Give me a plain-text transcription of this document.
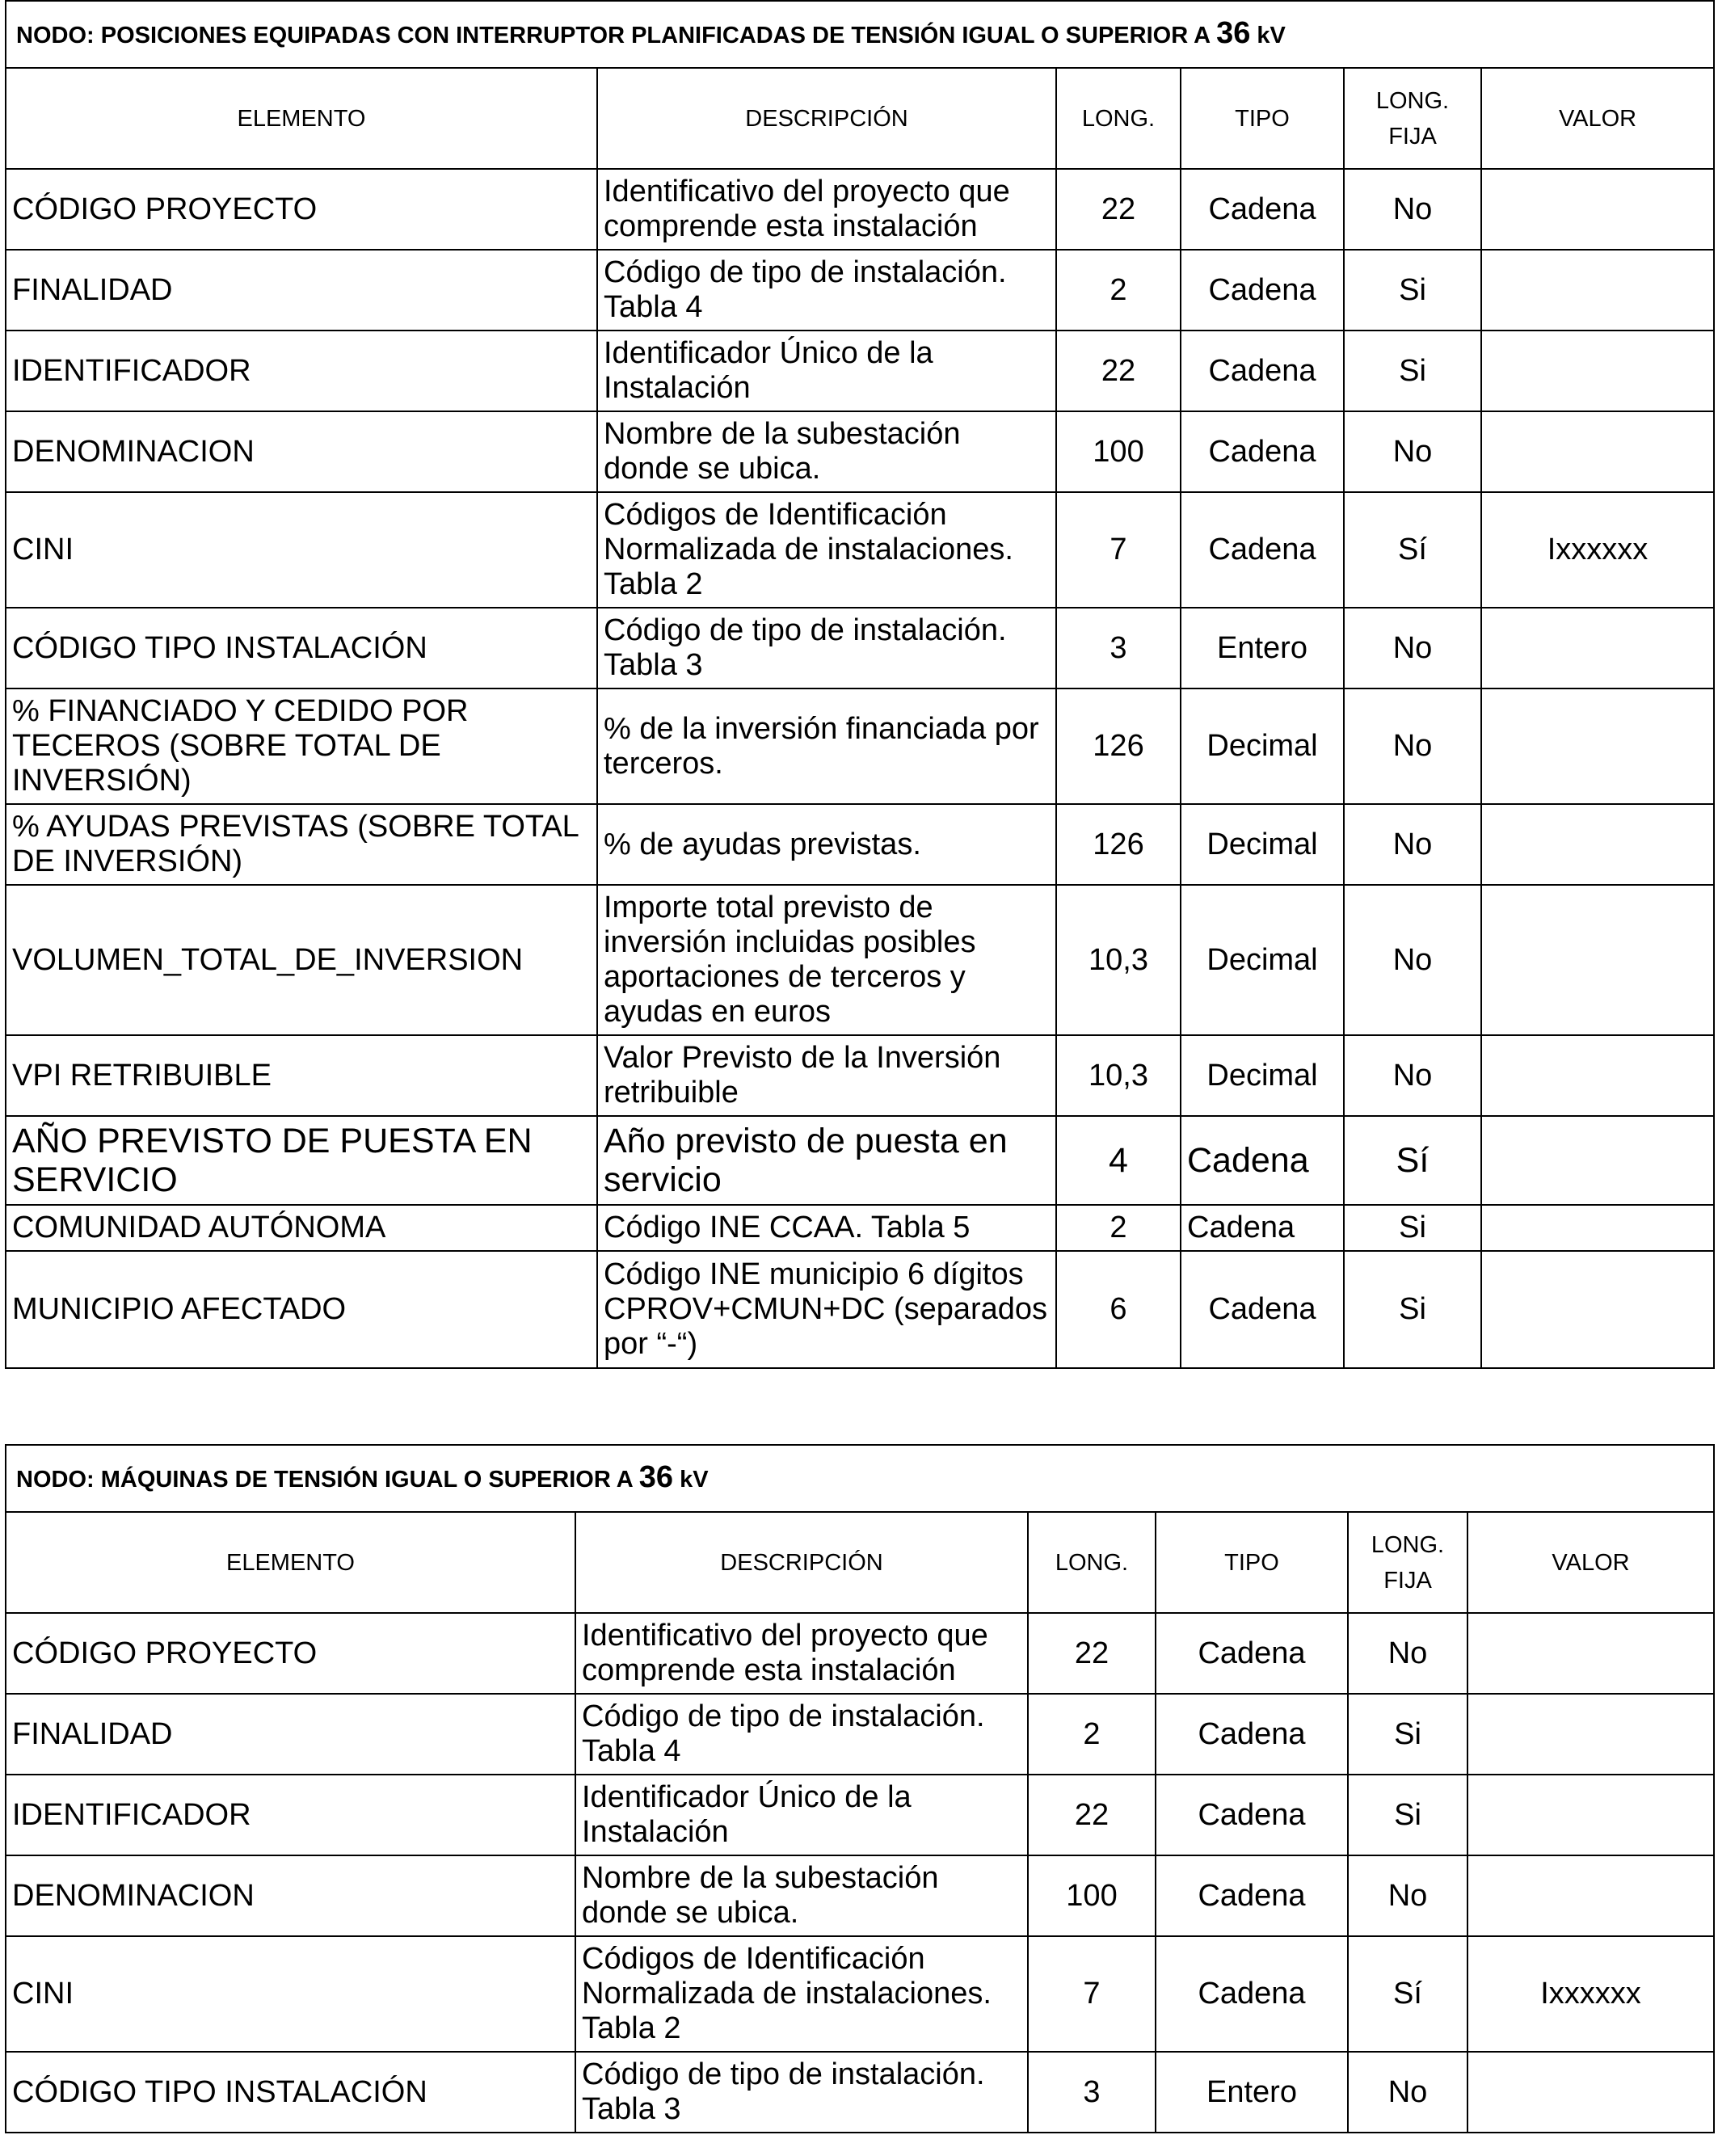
NODO: POSICIONES EQUIPADAS CON INTERRUPTOR PLANIFICADAS DE TENSIÓN IGUAL O SUPERIOR A 36 kV					
ELEMENTO	DESCRIPCIÓN	LONG.	TIPO	LONG. FIJA	VALOR
CÓDIGO PROYECTO	Identificativo del proyecto que comprende esta instalación	22	Cadena	No	
FINALIDAD	Código de tipo de instalación. Tabla 4	2	Cadena	Si	
IDENTIFICADOR	Identificador Único de la Instalación	22	Cadena	Si	
DENOMINACION	Nombre de la subestación donde se ubica.	100	Cadena	No	
CINI	Códigos de Identificación Normalizada de instalaciones. Tabla 2	7	Cadena	Sí	Ixxxxxx
CÓDIGO TIPO INSTALACIÓN	Código de tipo de instalación. Tabla 3	3	Entero	No	
% FINANCIADO Y CEDIDO POR TECEROS (SOBRE TOTAL DE INVERSIÓN)	% de la inversión financiada por terceros.	126	Decimal	No	
% AYUDAS PREVISTAS (SOBRE TOTAL DE INVERSIÓN)	% de ayudas previstas.	126	Decimal	No	
VOLUMEN_TOTAL_DE_INVERSION	Importe total previsto de inversión incluidas posibles aportaciones de terceros y ayudas en euros	10,3	Decimal	No	
VPI RETRIBUIBLE	Valor Previsto de la Inversión retribuible	10,3	Decimal	No	
AÑO PREVISTO DE PUESTA EN SERVICIO	Año previsto de puesta en servicio	4	Cadena	Sí	
COMUNIDAD AUTÓNOMA	Código INE CCAA. Tabla 5	2	Cadena	Si	
MUNICIPIO AFECTADO	Código INE municipio 6 dígitos CPROV+CMUN+DC (separados por “-“)	6	Cadena	Si	
NODO: MÁQUINAS DE TENSIÓN IGUAL O SUPERIOR A 36 kV					
ELEMENTO	DESCRIPCIÓN	LONG.	TIPO	LONG. FIJA	VALOR
CÓDIGO PROYECTO	Identificativo del proyecto que comprende esta instalación	22	Cadena	No	
FINALIDAD	Código de tipo de instalación. Tabla 4	2	Cadena	Si	
IDENTIFICADOR	Identificador Único de la Instalación	22	Cadena	Si	
DENOMINACION	Nombre de la subestación donde se ubica.	100	Cadena	No	
CINI	Códigos de Identificación Normalizada de instalaciones. Tabla 2	7	Cadena	Sí	Ixxxxxx
CÓDIGO TIPO INSTALACIÓN	Código de tipo de instalación. Tabla 3	3	Entero	No	
